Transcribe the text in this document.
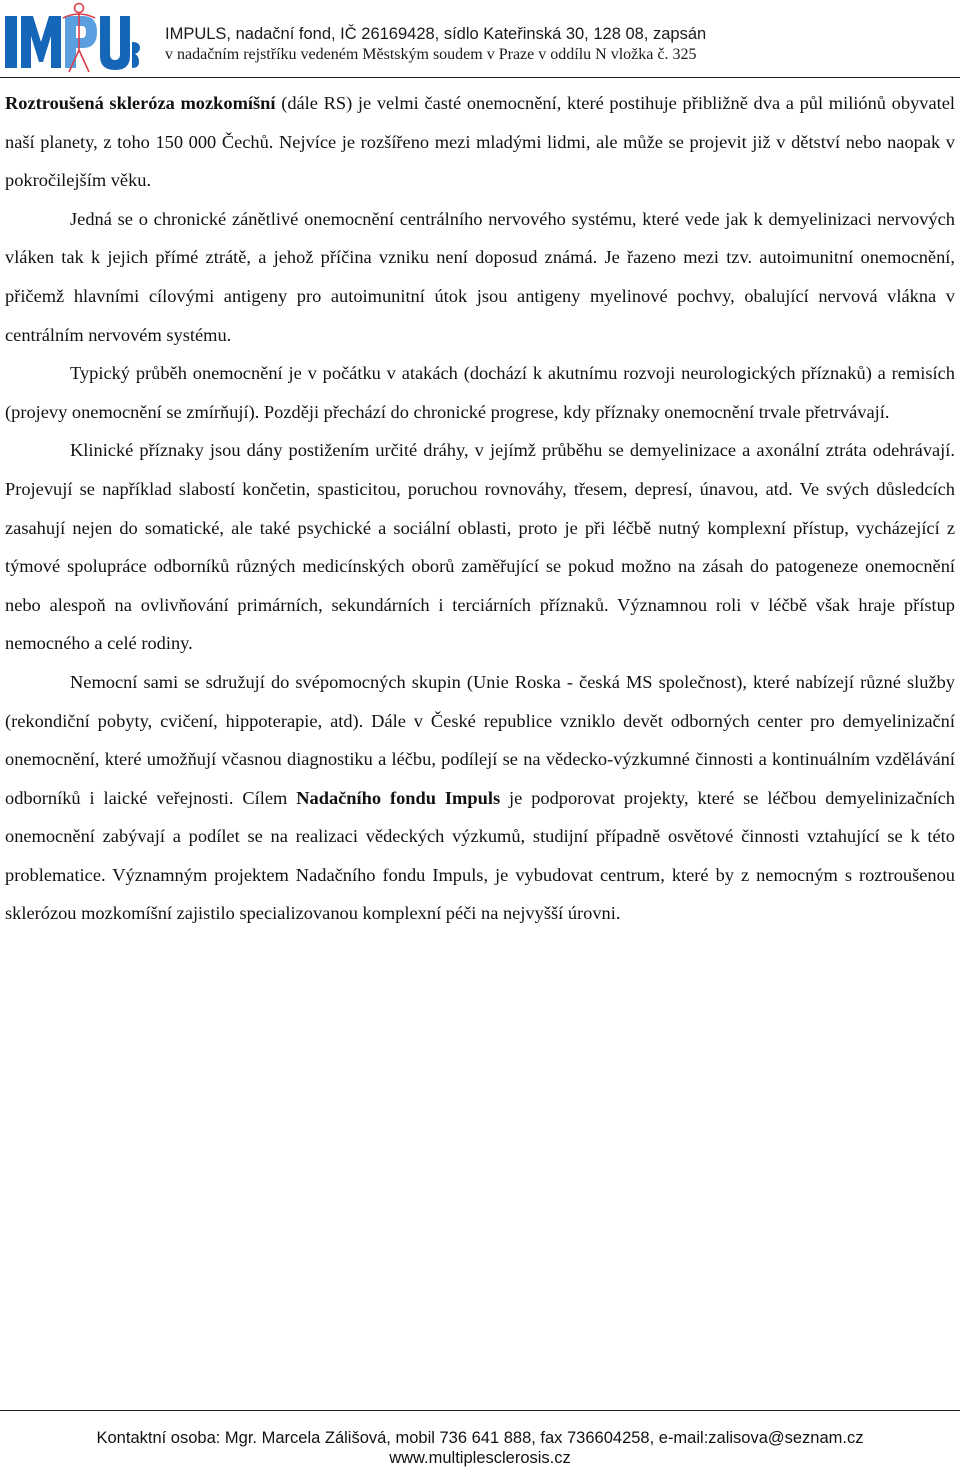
IMPULS, nadační fond, IČ 26169428, sídlo Kateřinská 30, 128 08, zapsán
v nadačním rejstříku vedeném Městským soudem v Praze v oddílu N vložka č. 325

Roztroušená skleróza mozkomíšní (dále RS) je velmi časté onemocnění, které postihuje přibližně dva a půl miliónů obyvatel naší planety, z toho 150 000 Čechů. Nejvíce je rozšířeno mezi mladými lidmi, ale může se projevit již v dětství nebo naopak v pokročilejším věku.

Jedná se o chronické zánětlivé onemocnění centrálního nervového systému, které vede jak k demyelinizaci nervových vláken tak k jejich přímé ztrátě, a jehož příčina vzniku není doposud známá. Je řazeno mezi tzv. autoimunitní onemocnění, přičemž hlavními cílovými antigeny pro autoimunitní útok jsou antigeny myelinové pochvy, obalující nervová vlákna v centrálním nervovém systému.

Typický průběh onemocnění je v počátku v atakách (dochází k akutnímu rozvoji neurologických příznaků) a remisích (projevy onemocnění se zmírňují). Později přechází do chronické progrese, kdy příznaky onemocnění trvale přetrvávají.

Klinické příznaky jsou dány postižením určité dráhy, v jejímž průběhu se demyelinizace a axonální ztráta odehrávají. Projevují se například slabostí končetin, spasticitou, poruchou rovnováhy, třesem, depresí, únavou, atd. Ve svých důsledcích zasahují nejen do somatické, ale také psychické a sociální oblasti, proto je při léčbě nutný komplexní přístup, vycházející z týmové spolupráce odborníků různých medicínských oborů zaměřující se pokud možno na zásah do patogeneze onemocnění nebo alespoň na ovlivňování primárních, sekundárních i terciárních příznaků. Významnou roli v léčbě však hraje přístup nemocného a celé rodiny.

Nemocní sami se sdružují do svépomocných skupin (Unie Roska - česká MS společnost), které nabízejí různé služby (rekondiční pobyty, cvičení, hippoterapie, atd). Dále v České republice vzniklo devět odborných center pro demyelinizační onemocnění, které umožňují včasnou diagnostiku a léčbu, podílejí se na vědecko-výzkumné činnosti a kontinuálním vzdělávání odborníků i laické veřejnosti. Cílem Nadačního fondu Impuls je podporovat projekty, které se léčbou demyelinizačních onemocnění zabývají a podílet se na realizaci vědeckých výzkumů, studijní případně osvětové činnosti vztahující se k této problematice. Významným projektem Nadačního fondu Impuls, je vybudovat centrum, které by z nemocným s roztroušenou sklerózou mozkomíšní zajistilo specializovanou komplexní péči na nejvyšší úrovni.

Kontaktní osoba: Mgr. Marcela Zálišová, mobil 736 641 888, fax 736604258, e-mail:zalisova@seznam.cz
www.multiplesclerosis.cz
